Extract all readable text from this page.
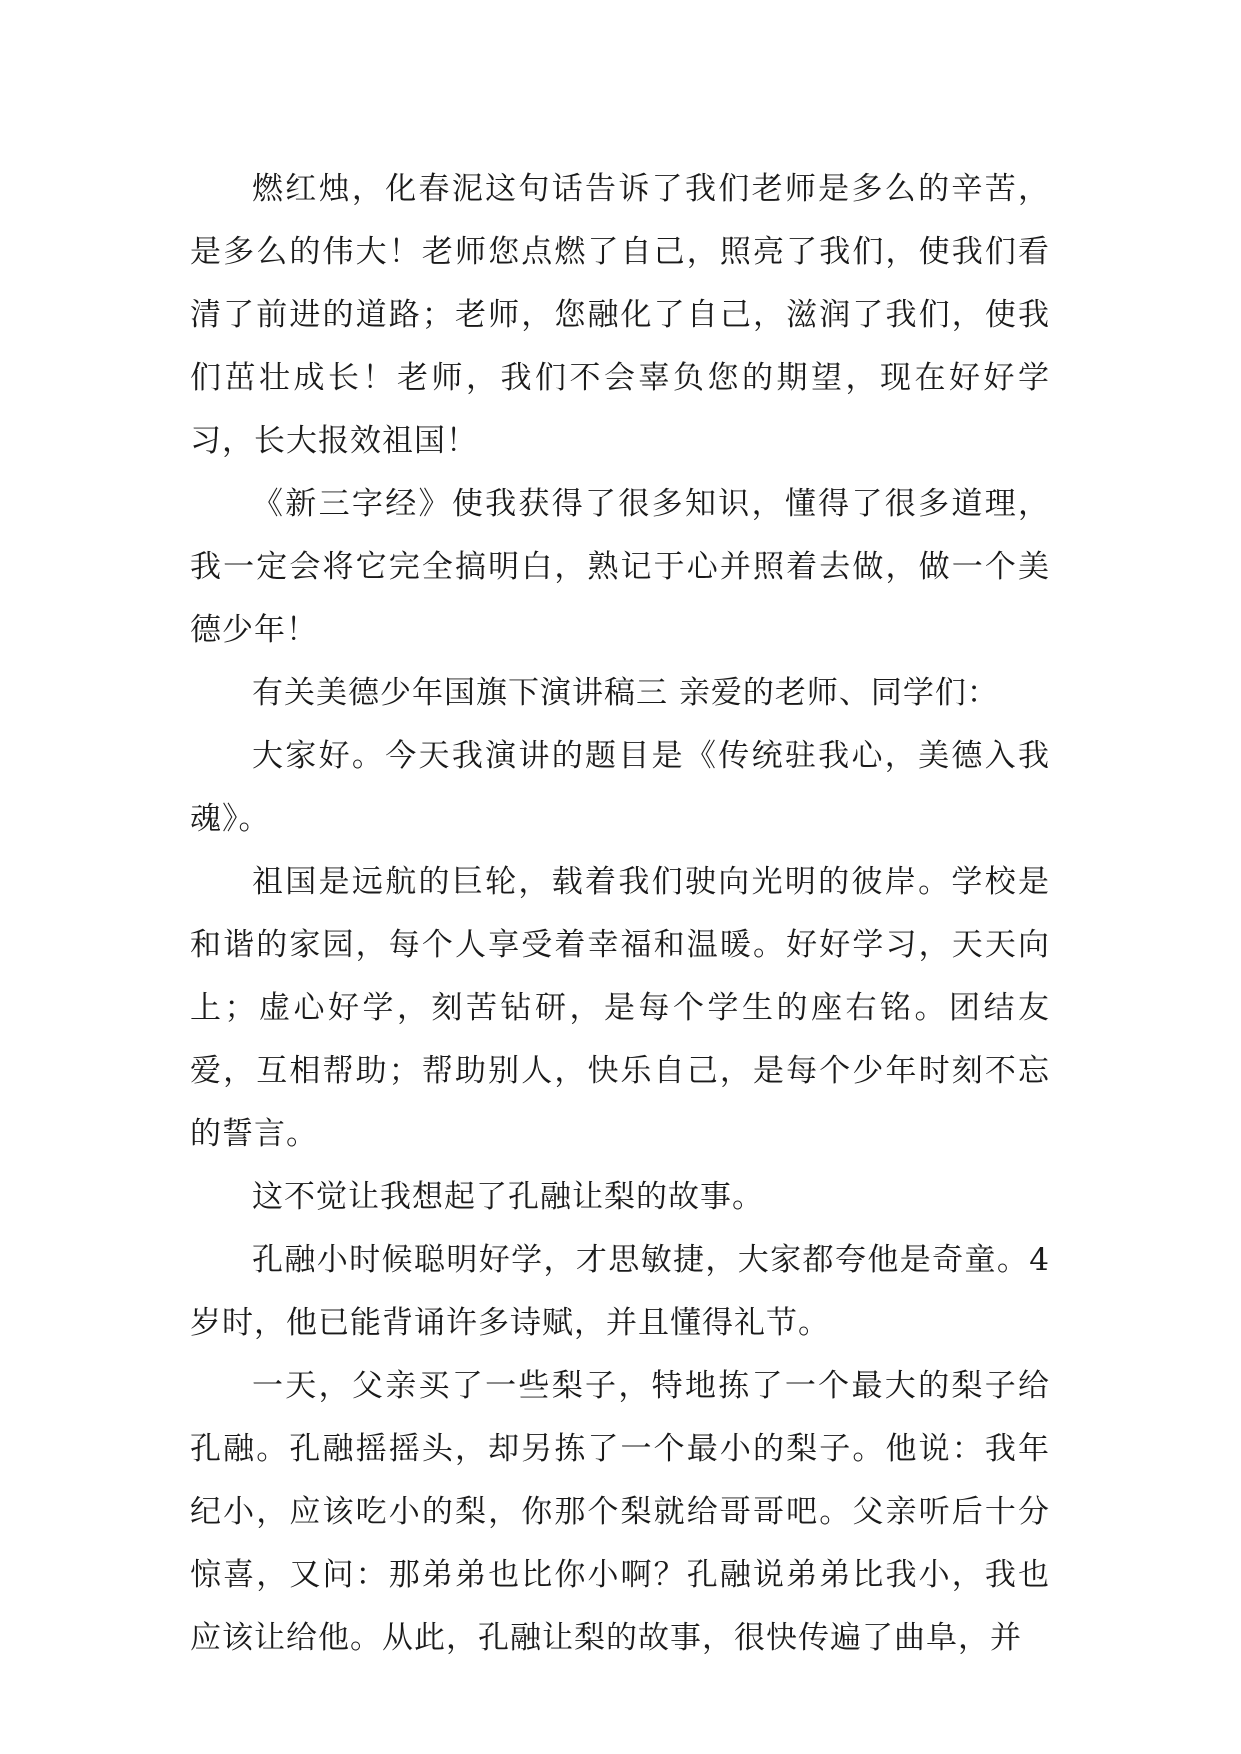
燃红烛，化春泥这句话告诉了我们老师是多么的辛苦，是多么的伟大！老师您点燃了自己，照亮了我们，使我们看清了前进的道路；老师，您融化了自己，滋润了我们，使我们茁壮成长！老师，我们不会辜负您的期望，现在好好学习，长大报效祖国！

《新三字经》使我获得了很多知识，懂得了很多道理，我一定会将它完全搞明白，熟记于心并照着去做，做一个美德少年！

有关美德少年国旗下演讲稿三 亲爱的老师、同学们：

大家好。今天我演讲的题目是《传统驻我心，美德入我魂》。

祖国是远航的巨轮，载着我们驶向光明的彼岸。学校是和谐的家园，每个人享受着幸福和温暖。好好学习，天天向上；虚心好学，刻苦钻研，是每个学生的座右铭。团结友爱，互相帮助；帮助别人，快乐自己，是每个少年时刻不忘的誓言。

这不觉让我想起了孔融让梨的故事。

孔融小时候聪明好学，才思敏捷，大家都夸他是奇童。4 岁时，他已能背诵许多诗赋，并且懂得礼节。

一天，父亲买了一些梨子，特地拣了一个最大的梨子给孔融。孔融摇摇头，却另拣了一个最小的梨子。他说：我年纪小，应该吃小的梨，你那个梨就给哥哥吧。父亲听后十分惊喜，又问：那弟弟也比你小啊？孔融说弟弟比我小，我也应该让给他。从此，孔融让梨的故事，很快传遍了曲阜，并
